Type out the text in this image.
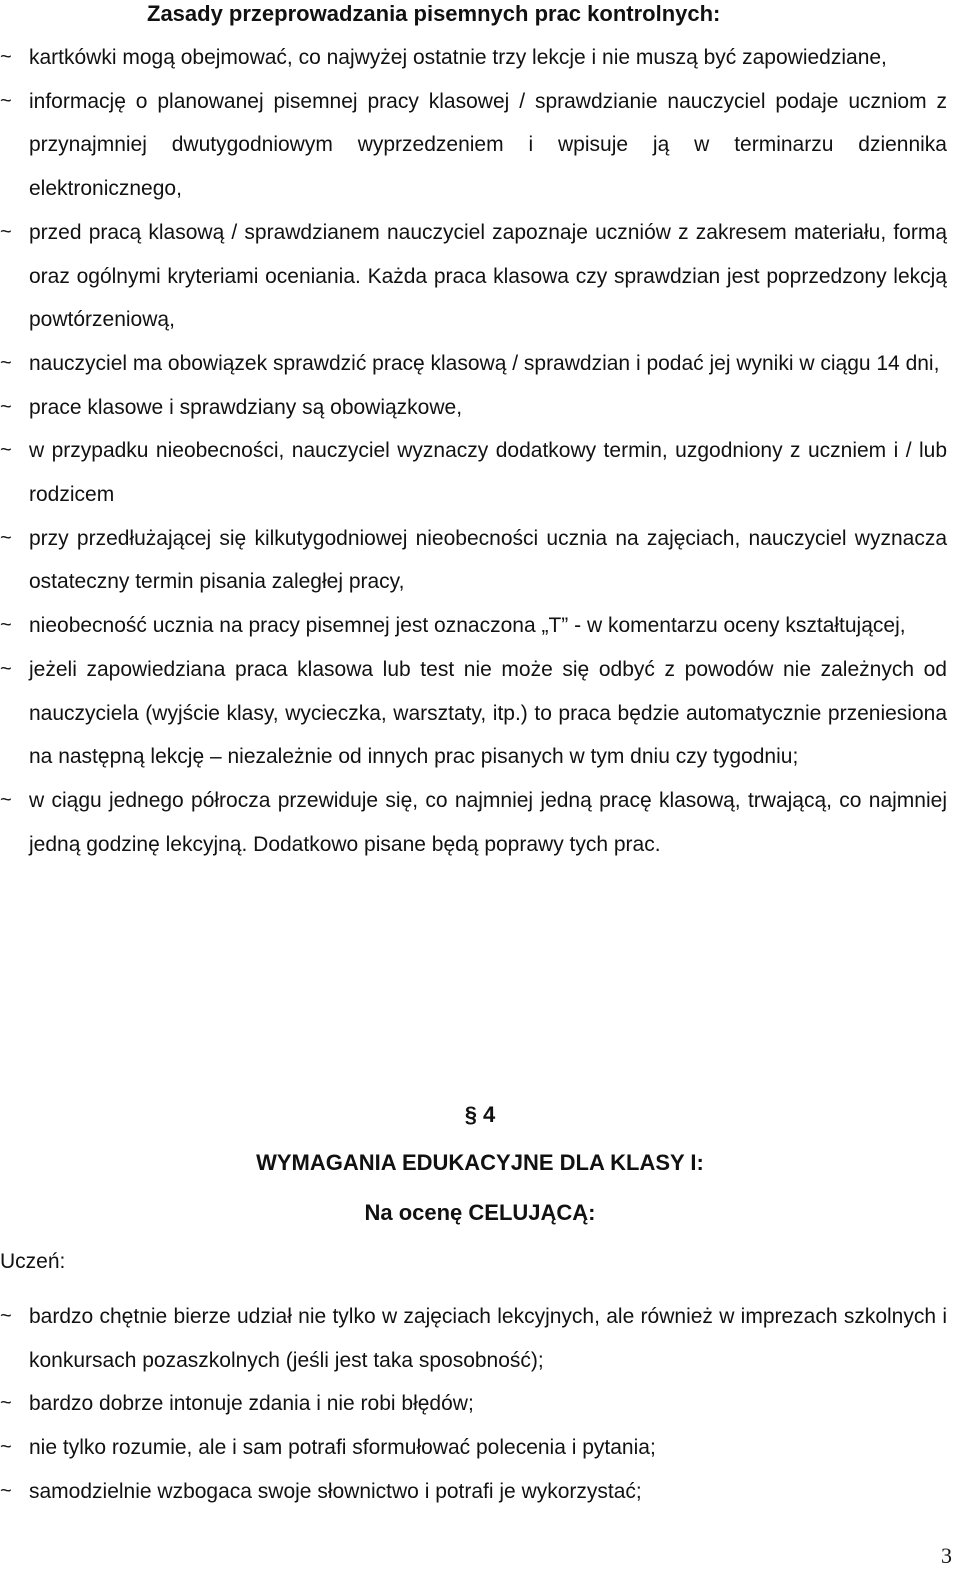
Zasady przeprowadzania pisemnych prac kontrolnych:
~ kartkówki mogą obejmować, co najwyżej ostatnie trzy lekcje i nie muszą być zapowiedziane,
~ informację o planowanej pisemnej pracy klasowej / sprawdzianie nauczyciel podaje uczniom z przynajmniej dwutygodniowym wyprzedzeniem i wpisuje ją w terminarzu dziennika elektronicznego,
~ przed pracą klasową / sprawdzianem nauczyciel zapoznaje uczniów z zakresem materiału, formą oraz ogólnymi kryteriami oceniania. Każda praca klasowa czy sprawdzian jest poprzedzony lekcją powtórzeniową,
~ nauczyciel ma obowiązek sprawdzić pracę klasową / sprawdzian i podać jej wyniki w ciągu 14 dni,
~ prace klasowe i sprawdziany są obowiązkowe,
~ w przypadku nieobecności, nauczyciel wyznaczy dodatkowy termin, uzgodniony z uczniem i / lub rodzicem
~ przy przedłużającej się kilkutygodniowej nieobecności ucznia na zajęciach, nauczyciel wyznacza ostateczny termin pisania zaległej pracy,
~ nieobecność ucznia na pracy pisemnej jest oznaczona „T” - w komentarzu oceny kształtującej,
~ jeżeli zapowiedziana praca klasowa lub test nie może się odbyć z powodów nie zależnych od nauczyciela (wyjście klasy, wycieczka, warsztaty, itp.) to praca będzie automatycznie przeniesiona na następną lekcję – niezależnie od innych prac pisanych w tym dniu czy tygodniu;
~ w ciągu jednego półrocza przewiduje się, co najmniej jedną pracę klasową, trwającą, co najmniej jedną godzinę lekcyjną. Dodatkowo pisane będą poprawy tych prac.
§ 4
WYMAGANIA EDUKACYJNE DLA KLASY I:
Na ocenę CELUJĄCĄ:
Uczeń:
~ bardzo chętnie bierze udział nie tylko w zajęciach lekcyjnych, ale również w imprezach szkolnych i konkursach pozaszkolnych (jeśli jest taka sposobność);
~ bardzo dobrze intonuje zdania i nie robi błędów;
~ nie tylko rozumie, ale i sam potrafi sformułować polecenia i pytania;
~ samodzielnie wzbogaca swoje słownictwo i potrafi je wykorzystać;
3
